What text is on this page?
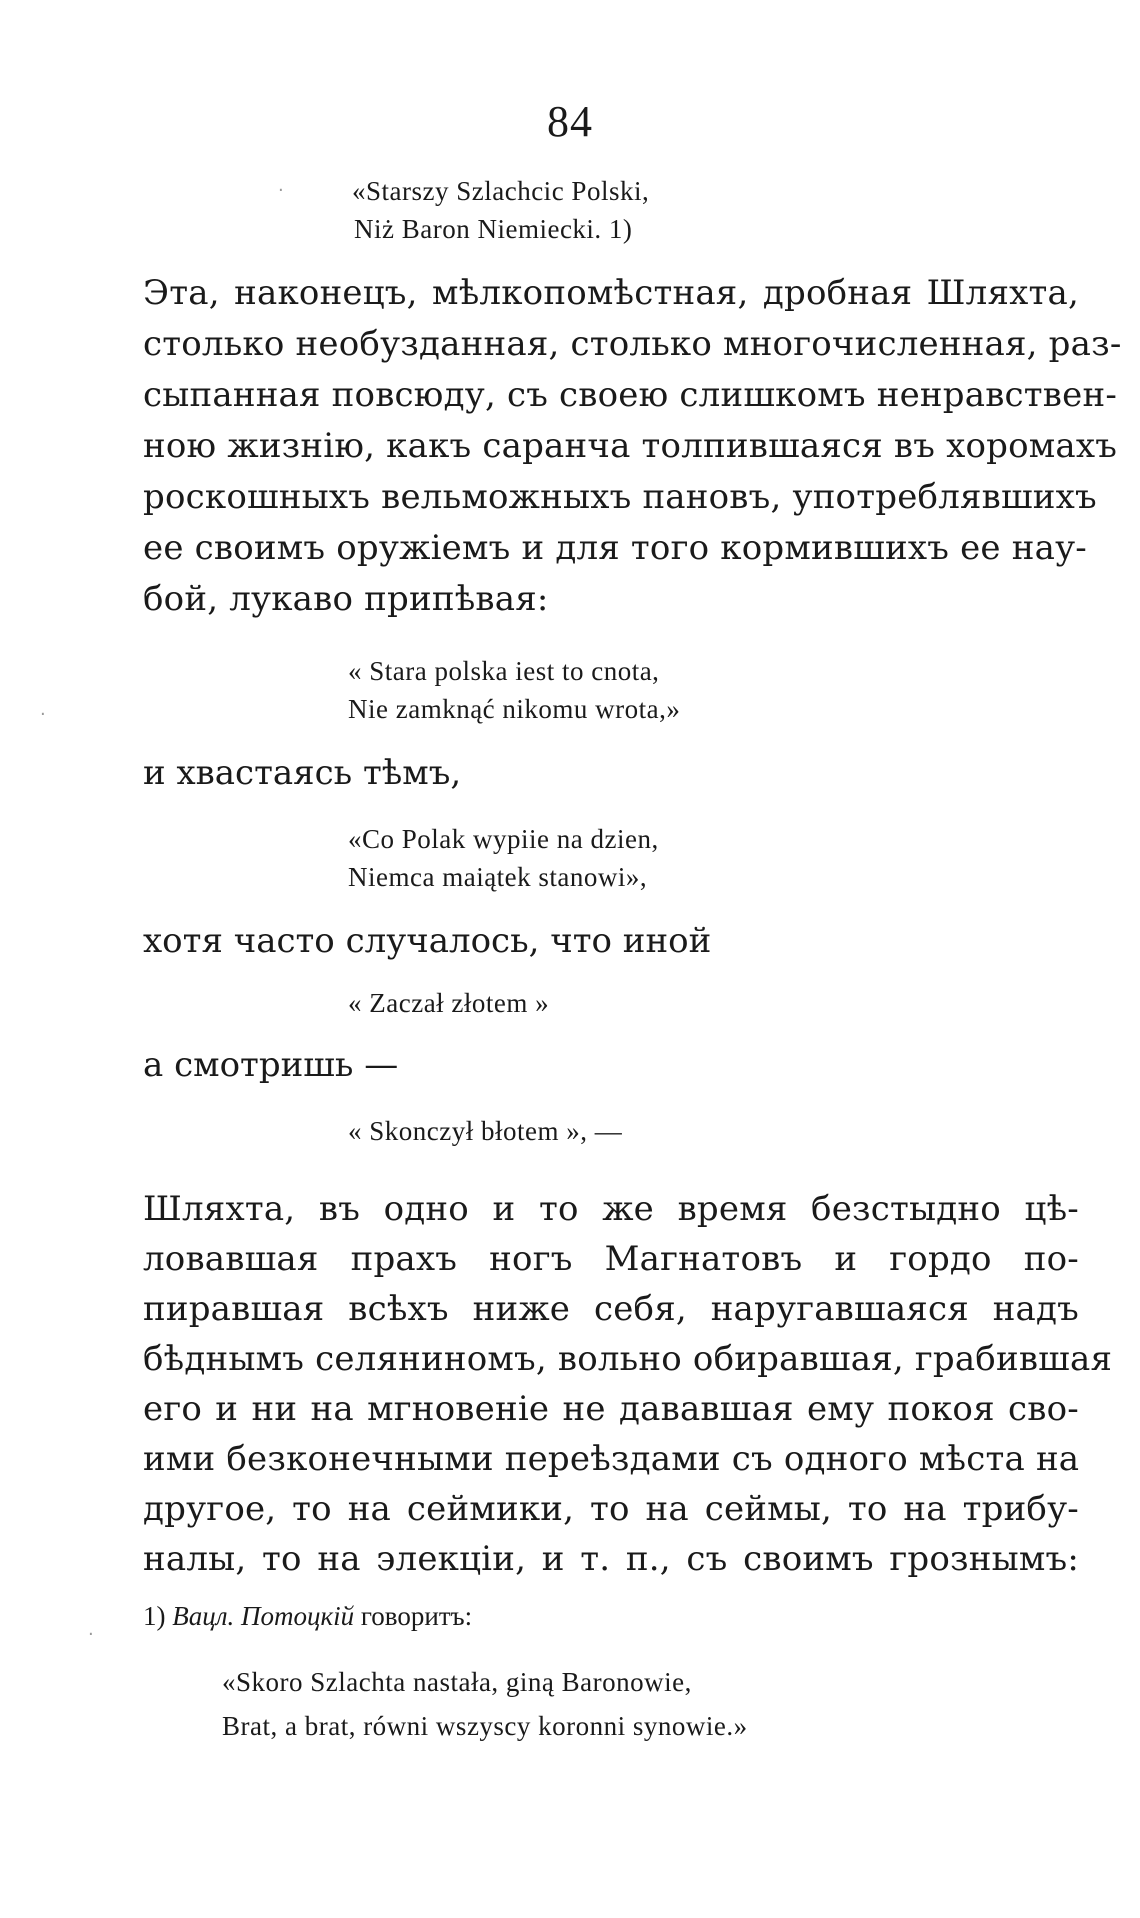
84
«Starszy Szlachcic Polski,
Niż Baron Niemiecki. 1)
Эта, наконецъ, мѣлкопомѣстная, дробная Шляхта,
столько необузданная, столько многочисленная, раз-
сыпанная повсюду, съ своею слишкомъ ненравствен-
ною жизнію, какъ саранча толпившаяся въ хоромахъ
роскошныхъ вельможныхъ пановъ, употреблявшихъ
ее своимъ оружіемъ и для того кормившихъ ее нау-
бой, лукаво припѣвая:
« Stara polska iest to cnota,
Nie zamknąć nikomu wrota,»
и хвастаясь тѣмъ,
«Co Polak wypiie na dzien,
Niemca maiątek stanowi»,
хотя часто случалось, что иной
« Zaczał złotem »
а смотришь —
« Skonczył błotem », —
Шляхта, въ одно и то же время безстыдно цѣ-
ловавшая прахъ ногъ Магнатовъ и гордо по-
пиравшая всѣхъ ниже себя, наругавшаяся надъ
бѣднымъ селяниномъ, вольно обиравшая, грабившая
его и ни на мгновеніе не дававшая ему покоя сво-
ими безконечными переѣздами съ одного мѣста на
другое, то на сеймики, то на сеймы, то на трибу-
налы, то на элекціи, и т. п., съ своимъ грознымъ:
1) Вацл. Потоцкій говоритъ:
«Skoro Szlachta nastała, giną Baronowie,
Brat, a brat, równi wszyscy koronni synowie.»
·
·
·
